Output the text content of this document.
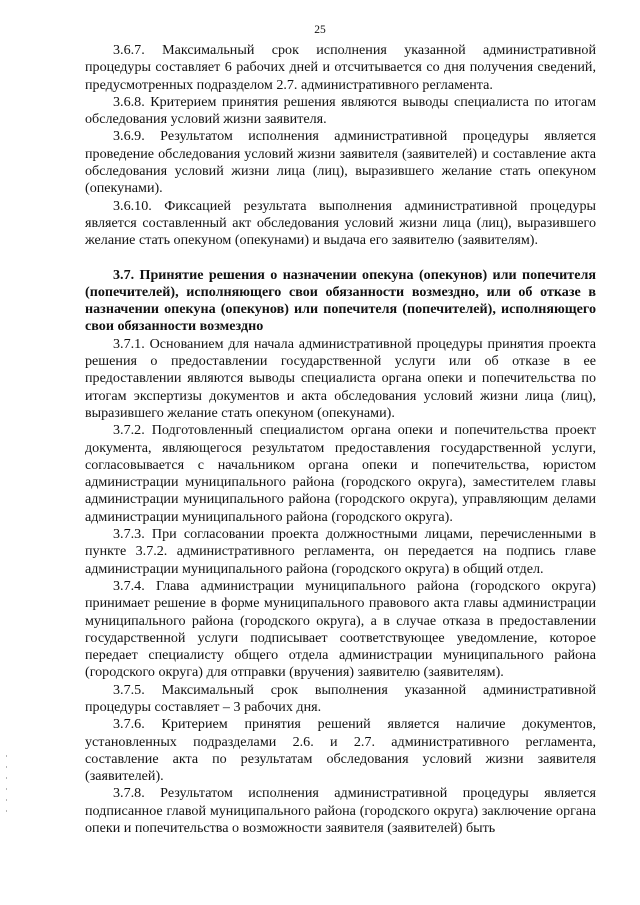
25

3.6.7. Максимальный срок исполнения указанной административной процедуры составляет 6 рабочих дней и отсчитывается со дня получения сведений, предусмотренных подразделом 2.7. административного регламента.

3.6.8. Критерием принятия решения являются выводы специалиста по итогам обследования условий жизни заявителя.

3.6.9. Результатом исполнения административной процедуры является проведение обследования условий жизни заявителя (заявителей) и составление акта обследования условий жизни лица (лиц), выразившего желание стать опекуном (опекунами).

3.6.10. Фиксацией результата выполнения административной процедуры является составленный акт обследования условий жизни лица (лиц), выразившего желание стать опекуном (опекунами) и выдача его заявителю (заявителям).

3.7. Принятие решения о назначении опекуна (опекунов) или попечителя (попечителей), исполняющего свои обязанности возмездно, или об отказе в назначении опекуна (опекунов) или попечителя (попечителей), исполняющего свои обязанности возмездно

3.7.1. Основанием для начала административной процедуры принятия проекта решения о предоставлении государственной услуги или об отказе в ее предоставлении являются выводы специалиста органа опеки и попечительства по итогам экспертизы документов и акта обследования условий жизни лица (лиц), выразившего желание стать опекуном (опекунами).

3.7.2. Подготовленный специалистом органа опеки и попечительства проект документа, являющегося результатом предоставления государственной услуги, согласовывается с начальником органа опеки и попечительства, юристом администрации муниципального района (городского округа), заместителем главы администрации муниципального района (городского округа), управляющим делами администрации муниципального района (городского округа).

3.7.3. При согласовании проекта должностными лицами, перечисленными в пункте 3.7.2. административного регламента, он передается на подпись главе администрации муниципального района (городского округа) в общий отдел.

3.7.4. Глава администрации муниципального района (городского округа) принимает решение в форме муниципального правового акта главы администрации муниципального района (городского округа), а в случае отказа в предоставлении государственной услуги подписывает соответствующее уведомление, которое передает специалисту общего отдела администрации муниципального района (городского округа) для отправки (вручения) заявителю (заявителям).

3.7.5. Максимальный срок выполнения указанной административной процедуры составляет – 3 рабочих дня.

3.7.6. Критерием принятия решений является наличие документов, установленных подразделами 2.6. и 2.7. административного регламента, составление акта по результатам обследования условий жизни заявителя (заявителей).

3.7.8. Результатом исполнения административной процедуры является подписанное главой муниципального района (городского округа) заключение органа опеки и попечительства о возможности заявителя (заявителей) быть
